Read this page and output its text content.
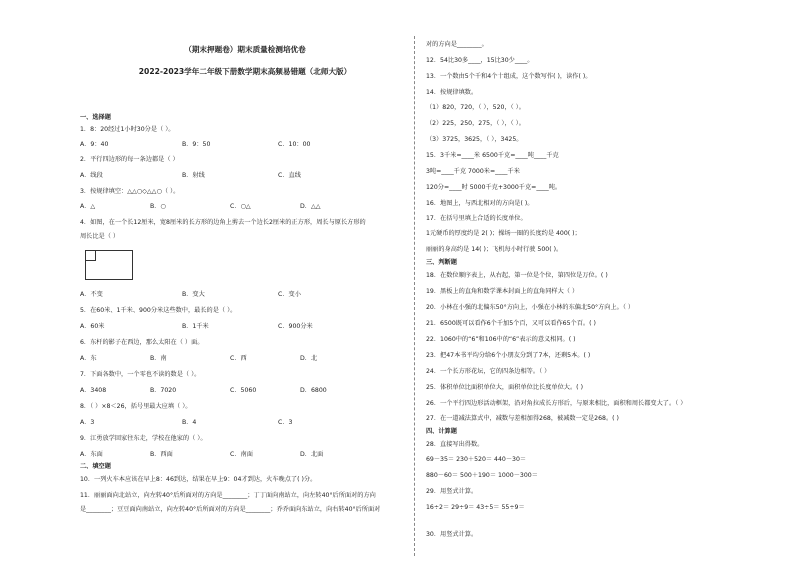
（期末押题卷）期末质量检测培优卷
2022-2023学年二年级下册数学期末高频易错题（北师大版）
一、选择题
1．8：20经过1小时30分是（ ）。
A．9：40	B．9：50	C．10：00
2．平行四边形的每一条边都是（ ）
A．线段	B．射线	C．直线
3．按规律填空：△△○◇△△○（ ）。
A．△	B．○	C．○△	D．△△
4．如图，在一个长12厘米，宽8厘米的长方形的边角上剪去一个边长2厘米的正方形，周长与原长方形的
周长比是（ ）
A．不变	B．变大	C．变小
5．在60米、1千米、900分米这些数中，最长的是（ ）。
A．60米	B．1千米	C．900分米
6．东杆的影子在西边，那么太阳在（ ）面。
A．东	B．南	C．西	D．北
7．下面各数中，一个零也不读的数是（ ）。
A．3408	B．7020	C．5060	D．6800
8．（ ）×8＜26，括号里最大应填（ ）。
A．3	B．4	C．3
9．江勇放学回家往东走，学校在他家的（ ）。
A．东面	B．西面	C．南面	D．北面
二、填空题
10．一列火车本应该在早上8：46到达，结果在早上9：04才到达，火车晚点了( )分。
11．丽丽面向北站立，向左转40°后所面对的方向是________；丁丁面向南站立，向左转40°后所面对的方向
是________；豆豆面向南站立，向左转40°后所面对的方向是________；乔乔面向东站立，向右转40°后所面对
对的方向是________。
12．54比30多____，15比30少____。
13．一个数由5个千和4个十组成，这个数写作( )，读作( )。
14．按规律填数。
（1）820，720，（ ），520，（ ）。
（2）225，250，275，（ ），（ ）。
（3）3725，3625，（ ），3425。
15．3千米=____米 6500千克=____吨____千克
3吨=____千克 7000米=____千米
120分=____时 5000千克+3000千克=____吨。
16．地图上，与西北相对的方向是( )。
17．在括号里填上合适的长度单位。
1元硬币的厚度约是 2( )；操场一圈的长度约是 400( )；
丽丽的身高约是 14( )；飞机每小时行驶 500( )。
三、判断题
18．在数位顺序表上，从右起，第一位是个位，第四位是万位。( )
19．黑板上的直角和数学课本封面上的直角同样大（ ）
20．小林在小强的北偏东50°方向上，小强在小林的东偏北50°方向上。（ ）
21．6500既可以看作6个千加5个百，又可以看作65个百。( )
22．1060中的“6”和106中的“6”表示的意义相同。( )
23．把47本书平均分给6个小朋友分到了7本，还剩5本。( )
24．一个长方形花坛，它的四条边相等。（ ）
25．体积单位比面积单位大，面积单位比长度单位大。( )
26．一个平行四边形活动框架，沿对角拉成长方形后，与原来相比，面积和周长都变大了。（ ）
27．在一道减法算式中，减数与差相加得268，被减数一定是268。( )
四、计算题
28．直接写出得数。
69－35＝ 230＋520＝ 440－30＝
880－60＝ 500＋190＝ 1000－300＝
29．用竖式计算。
16÷2＝ 29÷9＝ 43÷5＝ 55÷9＝
30．用竖式计算。
